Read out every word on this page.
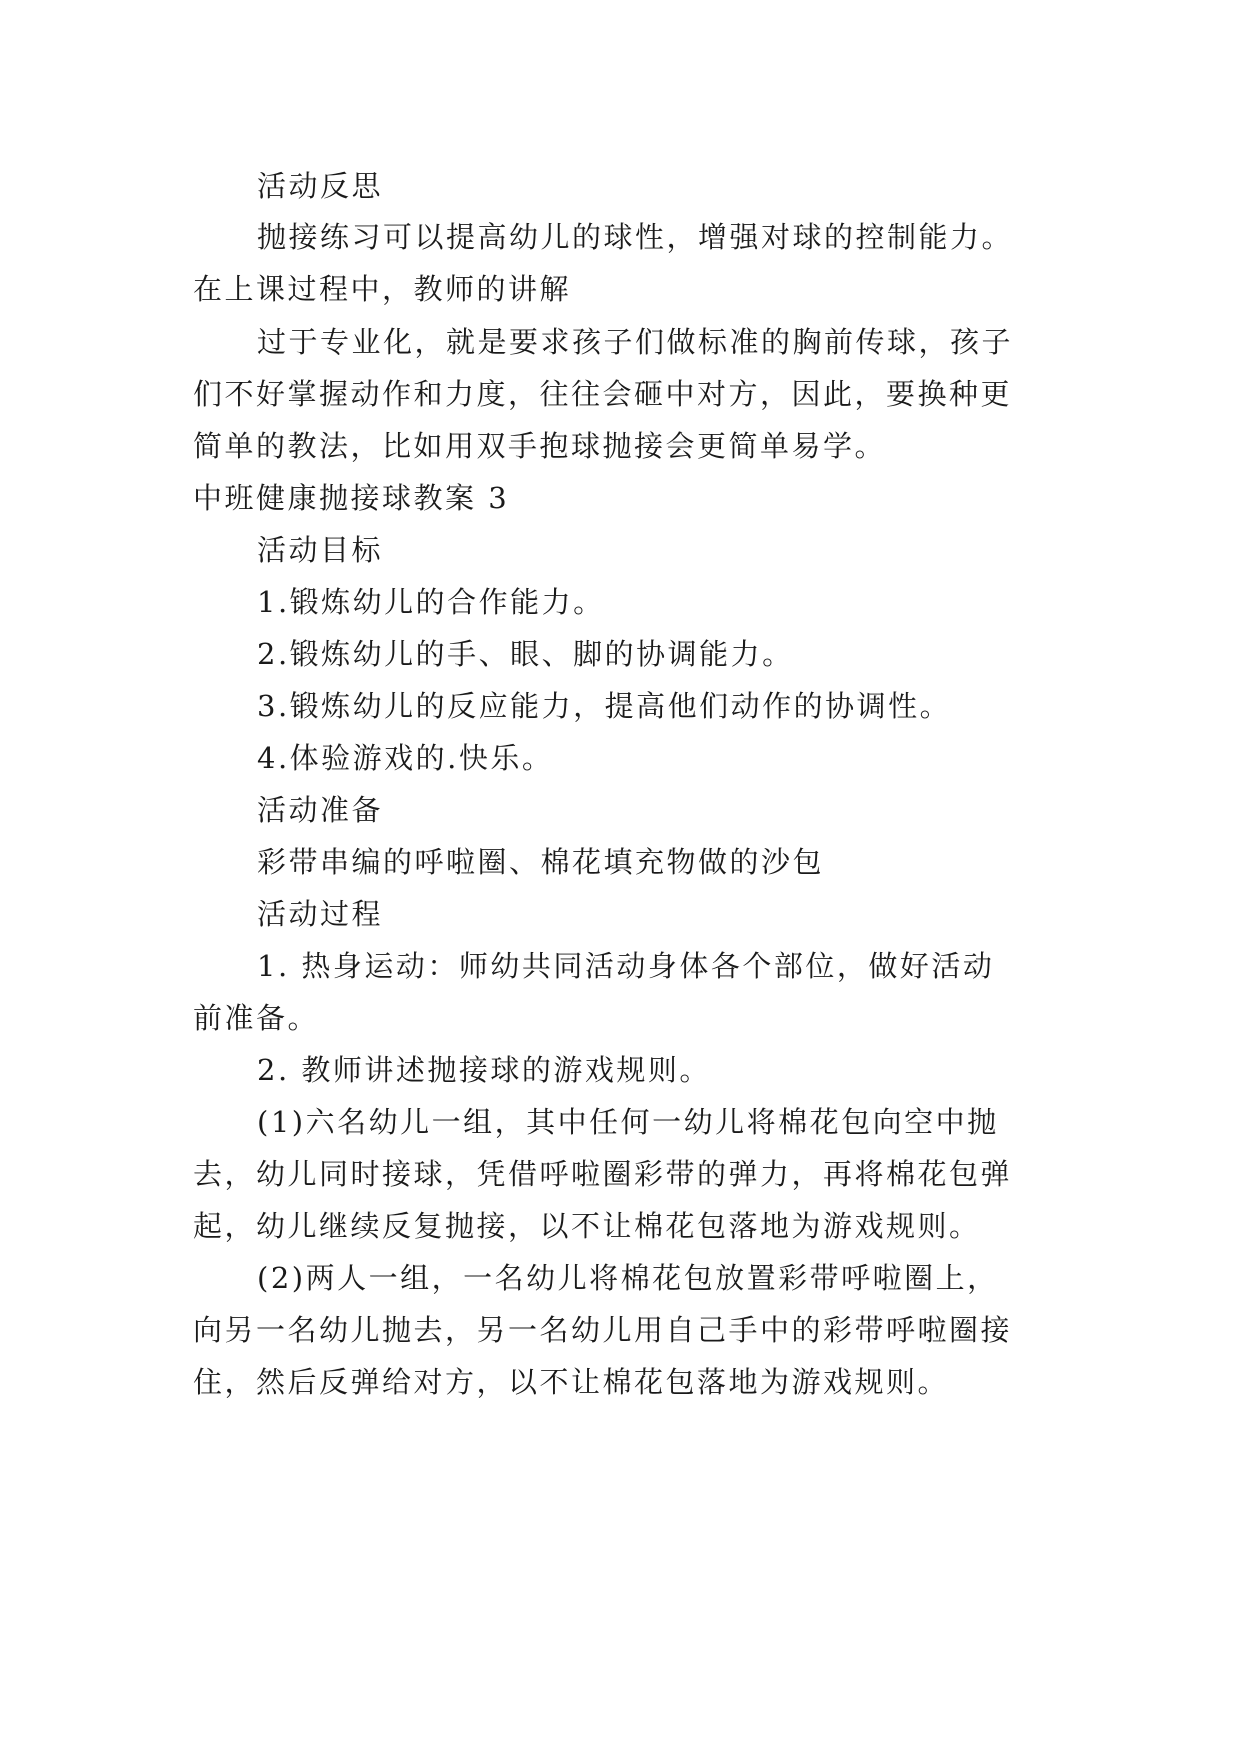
活动反思
抛接练习可以提高幼儿的球性，增强对球的控制能力。
在上课过程中，教师的讲解
过于专业化，就是要求孩子们做标准的胸前传球，孩子
们不好掌握动作和力度，往往会砸中对方，因此，要换种更
简单的教法，比如用双手抱球抛接会更简单易学。
中班健康抛接球教案 3
活动目标
1.锻炼幼儿的合作能力。
2.锻炼幼儿的手、眼、脚的协调能力。
3.锻炼幼儿的反应能力，提高他们动作的协调性。
4.体验游戏的.快乐。
活动准备
彩带串编的呼啦圈、棉花填充物做的沙包
活动过程
1. 热身运动：师幼共同活动身体各个部位，做好活动
前准备。
2. 教师讲述抛接球的游戏规则。
(1)六名幼儿一组，其中任何一幼儿将棉花包向空中抛
去，幼儿同时接球，凭借呼啦圈彩带的弹力，再将棉花包弹
起，幼儿继续反复抛接，以不让棉花包落地为游戏规则。
(2)两人一组，一名幼儿将棉花包放置彩带呼啦圈上，
向另一名幼儿抛去，另一名幼儿用自己手中的彩带呼啦圈接
住，然后反弹给对方，以不让棉花包落地为游戏规则。
